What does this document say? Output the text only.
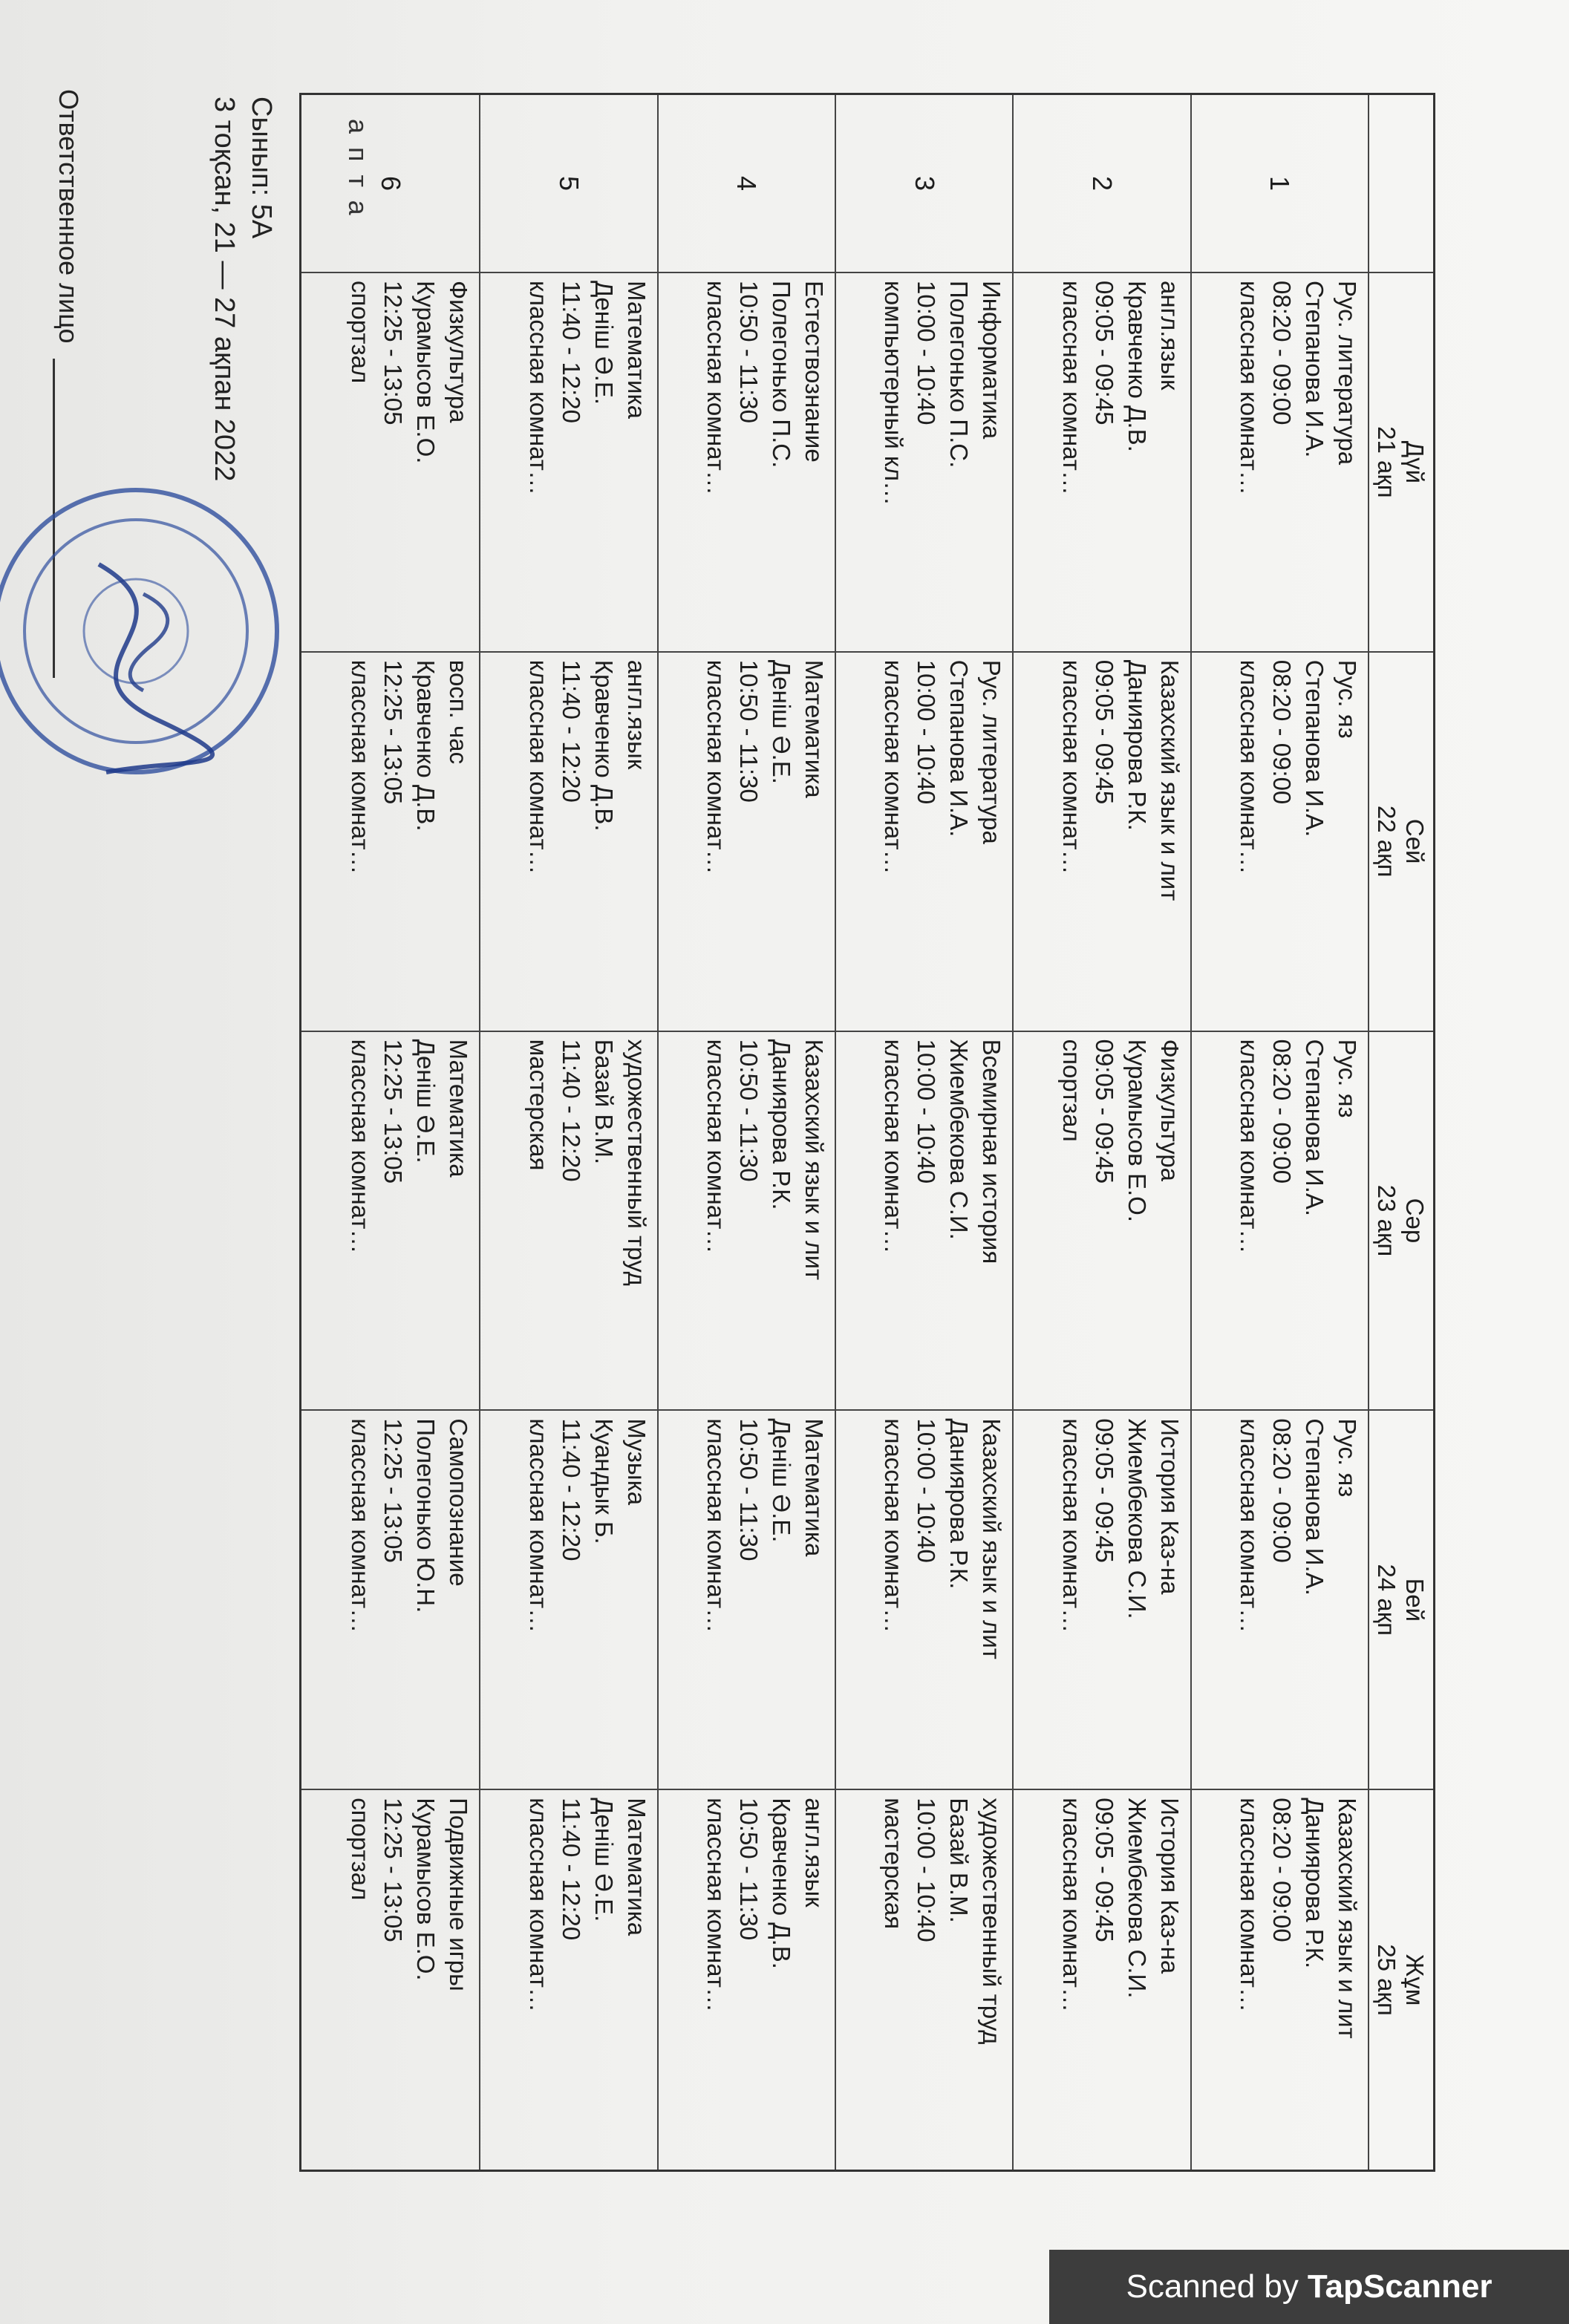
Сынып: 5А
3 тоқсан, 21 — 27 ақпан 2022	Дүй
21 ақп
Сей
22 ақп
Сәр
23 ақп
Бей
24 ақп
Жұм
25 ақп
1
Рус. литература
Степанова И.А.
08:20 - 09:00
классная комнат…
Рус. яз
Степанова И.А.
08:20 - 09:00
классная комнат…
Рус. яз
Степанова И.А.
08:20 - 09:00
классная комнат…
Рус. яз
Степанова И.А.
08:20 - 09:00
классная комнат…
Казахский язык и лит
Даниярова Р.К.
08:20 - 09:00
классная комнат…
2
англ.язык
Кравченко Д.В.
09:05 - 09:45
классная комнат…
Казахский язык и лит
Даниярова Р.К.
09:05 - 09:45
классная комнат…
Физкультура
Курамысов Е.О.
09:05 - 09:45
спортзал
История Каз-на
Жиембекова С.И.
09:05 - 09:45
классная комнат…
История Каз-на
Жиембекова С.И.
09:05 - 09:45
классная комнат…
3
Информатика
Полегонько П.С.
10:00 - 10:40
компьютерный кл…
Рус. литература
Степанова И.А.
10:00 - 10:40
классная комнат…
Всемирная история
Жиембекова С.И.
10:00 - 10:40
классная комнат…
Казахский язык и лит
Даниярова Р.К.
10:00 - 10:40
классная комнат…
художественный труд
Базай В.М.
10:00 - 10:40
мастерская
4
Естествознание
Полегонько П.С.
10:50 - 11:30
классная комнат…
Математика
Деніш Ә.Е.
10:50 - 11:30
классная комнат…
Казахский язык и лит
Даниярова Р.К.
10:50 - 11:30
классная комнат…
Математика
Деніш Ә.Е.
10:50 - 11:30
классная комнат…
англ.язык
Кравченко Д.В.
10:50 - 11:30
классная комнат…
5
Математика
Деніш Ә.Е.
11:40 - 12:20
классная комнат…
англ.язык
Кравченко Д.В.
11:40 - 12:20
классная комнат…
художественный труд
Базай В.М.
11:40 - 12:20
мастерская
Музыка
Куандык Б.
11:40 - 12:20
классная комнат…
Математика
Деніш Ә.Е.
11:40 - 12:20
классная комнат…
6
Физкультура
Курамысов Е.О.
12:25 - 13:05
спортзал
восп. час
Кравченко Д.В.
12:25 - 13:05
классная комнат…
Математика
Деніш Ә.Е.
12:25 - 13:05
классная комнат…
Самопознание
Полегонько Ю.Н.
12:25 - 13:05
классная комнат…
Подвижные игры
Курамысов Е.О.
12:25 - 13:05
спортзал
апта
Ответственное лицо
Scanned by TapScanner
